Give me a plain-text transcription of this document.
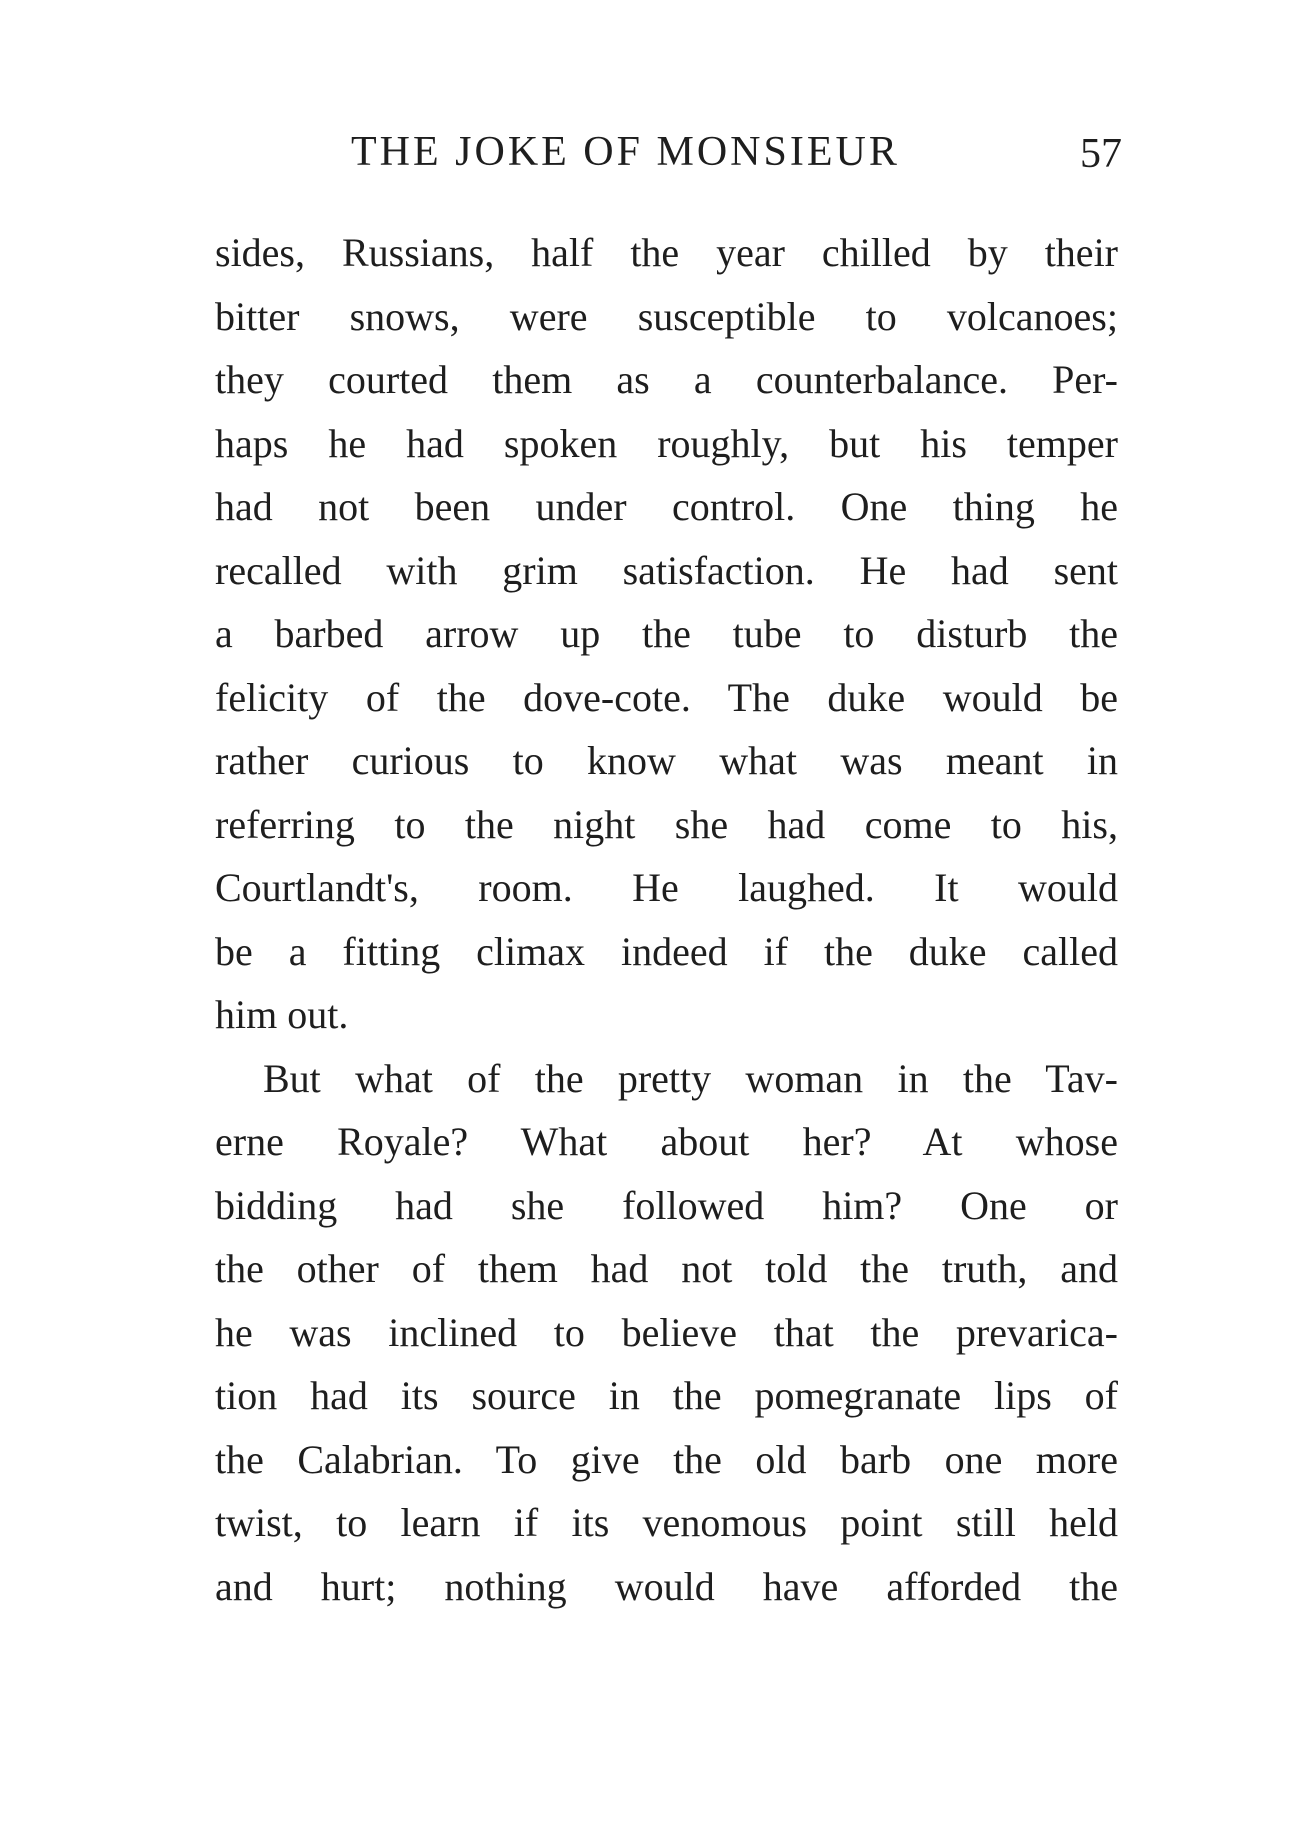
THE JOKE OF MONSIEUR	57
sides, Russians, half the year chilled by their
bitter snows, were susceptible to volcanoes;
they courted them as a counterbalance. Per-
haps he had spoken roughly, but his temper
had not been under control. One thing he
recalled with grim satisfaction. He had sent
a barbed arrow up the tube to disturb the
felicity of the dove-cote. The duke would be
rather curious to know what was meant in
referring to the night she had come to his,
Courtlandt's, room. He laughed. It would
be a fitting climax indeed if the duke called
him out.
But what of the pretty woman in the Tav-
erne Royale? What about her? At whose
bidding had she followed him? One or
the other of them had not told the truth, and
he was inclined to believe that the prevarica-
tion had its source in the pomegranate lips of
the Calabrian. To give the old barb one more
twist, to learn if its venomous point still held
and hurt; nothing would have afforded the
